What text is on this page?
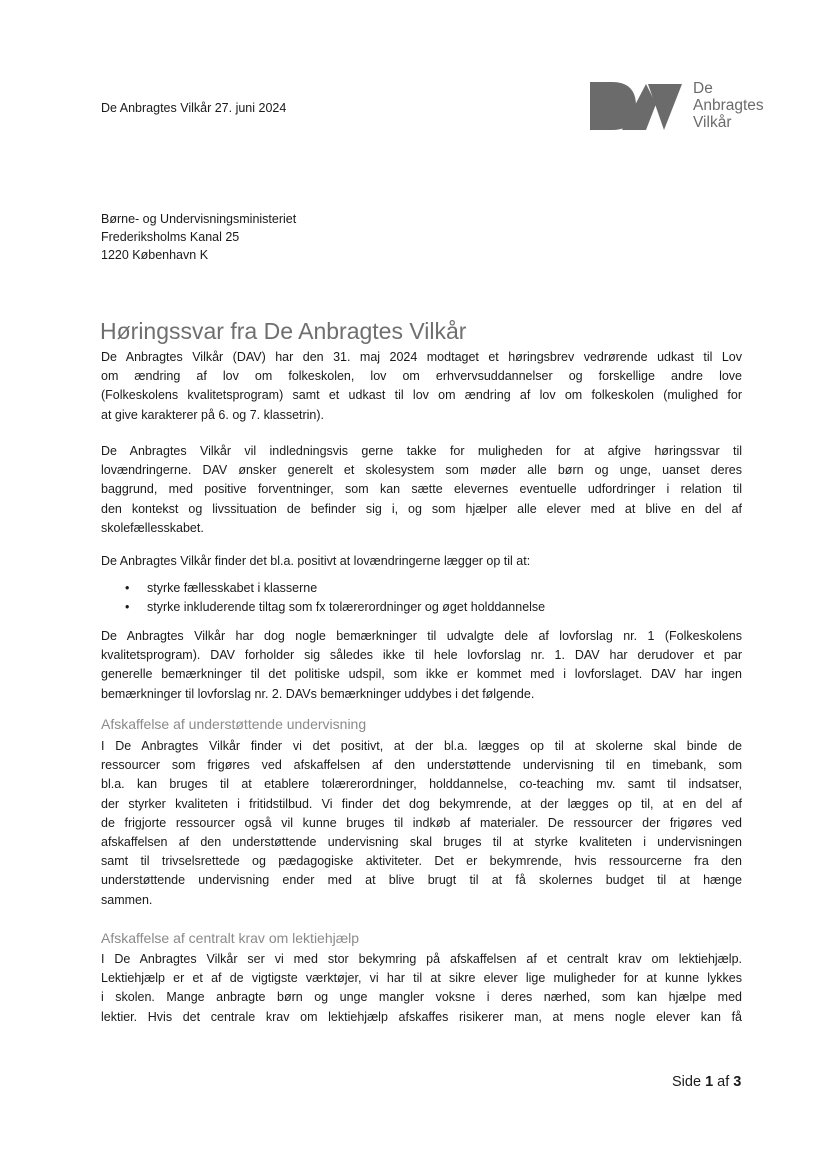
De Anbragtes Vilkår 27. juni 2024
De
Anbragtes
Vilkår
Børne- og Undervisningsministeriet
Frederiksholms Kanal 25
1220 København K
Høringssvar fra De Anbragtes Vilkår

De Anbragtes Vilkår (DAV) har den 31. maj 2024 modtaget et høringsbrev vedrørende udkast til Lov
om ændring af lov om folkeskolen, lov om erhvervsuddannelser og forskellige andre love
(Folkeskolens kvalitetsprogram) samt et udkast til lov om ændring af lov om folkeskolen (mulighed for
at give karakterer på 6. og 7. klassetrin).

De Anbragtes Vilkår vil indledningsvis gerne takke for muligheden for at afgive høringssvar til
lovændringerne. DAV ønsker generelt et skolesystem som møder alle børn og unge, uanset deres
baggrund, med positive forventninger, som kan sætte elevernes eventuelle udfordringer i relation til
den kontekst og livssituation de befinder sig i, og som hjælper alle elever med at blive en del af
skolefællesskabet.

De Anbragtes Vilkår finder det bl.a. positivt at lovændringerne lægger op til at:

• styrke fællesskabet i klasserne
• styrke inkluderende tiltag som fx tolærerordninger og øget holddannelse

De Anbragtes Vilkår har dog nogle bemærkninger til udvalgte dele af lovforslag nr. 1 (Folkeskolens
kvalitetsprogram). DAV forholder sig således ikke til hele lovforslag nr. 1. DAV har derudover et par
generelle bemærkninger til det politiske udspil, som ikke er kommet med i lovforslaget. DAV har ingen
bemærkninger til lovforslag nr. 2. DAVs bemærkninger uddybes i det følgende.

Afskaffelse af understøttende undervisning

I De Anbragtes Vilkår finder vi det positivt, at der bl.a. lægges op til at skolerne skal binde de
ressourcer som frigøres ved afskaffelsen af den understøttende undervisning til en timebank, som
bl.a. kan bruges til at etablere tolærerordninger, holddannelse, co-teaching mv. samt til indsatser,
der styrker kvaliteten i fritidstilbud. Vi finder det dog bekymrende, at der lægges op til, at en del af
de frigjorte ressourcer også vil kunne bruges til indkøb af materialer. De ressourcer der frigøres ved
afskaffelsen af den understøttende undervisning skal bruges til at styrke kvaliteten i undervisningen
samt til trivselsrettede og pædagogiske aktiviteter. Det er bekymrende, hvis ressourcerne fra den
understøttende undervisning ender med at blive brugt til at få skolernes budget til at hænge
sammen.

Afskaffelse af centralt krav om lektiehjælp

I De Anbragtes Vilkår ser vi med stor bekymring på afskaffelsen af et centralt krav om lektiehjælp.
Lektiehjælp er et af de vigtigste værktøjer, vi har til at sikre elever lige muligheder for at kunne lykkes
i skolen. Mange anbragte børn og unge mangler voksne i deres nærhed, som kan hjælpe med
lektier. Hvis det centrale krav om lektiehjælp afskaffes risikerer man, at mens nogle elever kan få

Side 1 af 3
